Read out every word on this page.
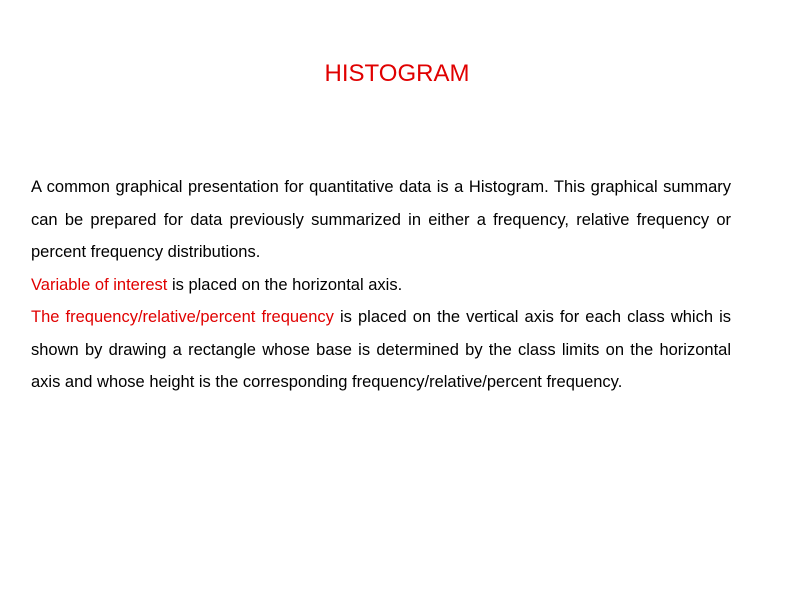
HISTOGRAM

A common graphical presentation for quantitative data is a Histogram. This graphical summary can be prepared for data previously summarized in either a frequency, relative frequency or percent frequency distributions.

Variable of interest is placed on the horizontal axis.

The frequency/relative/percent frequency is placed on the vertical axis for each class which is shown by drawing a rectangle whose base is determined by the class limits on the horizontal axis and whose height is the corresponding frequency/relative/percent frequency.
